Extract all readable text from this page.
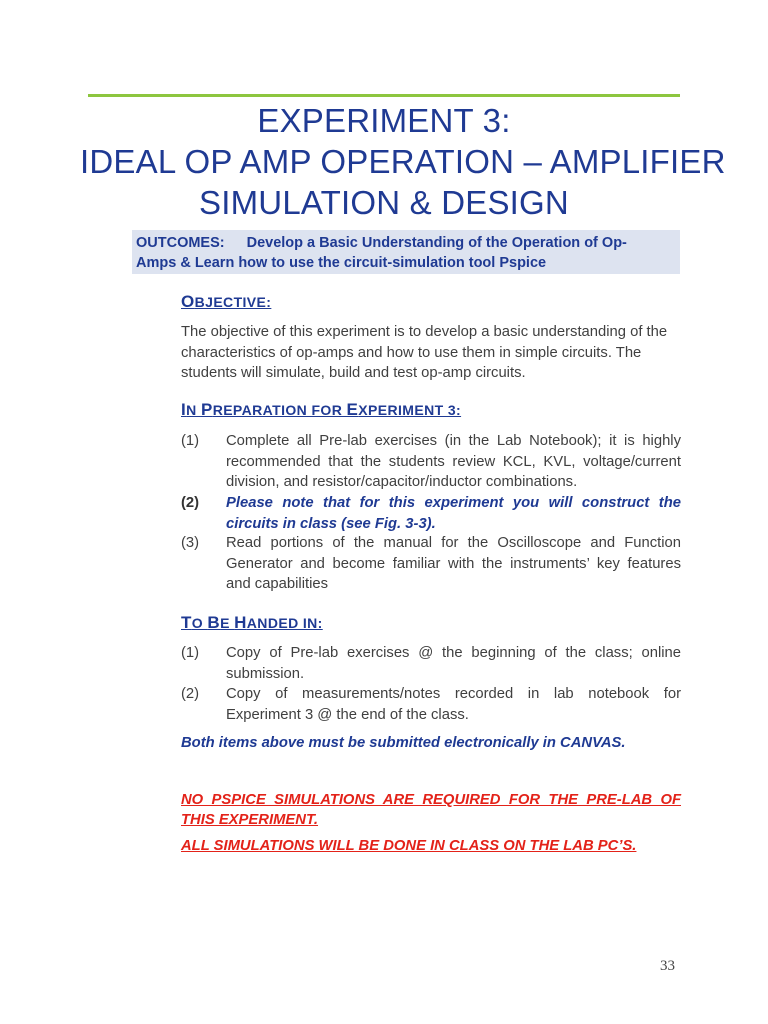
EXPERIMENT 3:
IDEAL OP AMP OPERATION – AMPLIFIER
SIMULATION & DESIGN
OUTCOMES: Develop a Basic Understanding of the Operation of Op-
Amps & Learn how to use the circuit-simulation tool Pspice
OBJECTIVE:
The objective of this experiment is to develop a basic understanding of the characteristics of op-amps and how to use them in simple circuits. The students will simulate, build and test op-amp circuits.
IN PREPARATION FOR EXPERIMENT 3:
(1)	Complete all Pre-lab exercises (in the Lab Notebook); it is highly recommended that the students review KCL, KVL, voltage/current division, and resistor/capacitor/inductor combinations.
(2)	Please note that for this experiment you will construct the circuits in class (see Fig. 3-3).
(3)	Read portions of the manual for the Oscilloscope and Function Generator and become familiar with the instruments’ key features and capabilities
TO BE HANDED IN:
(1)	Copy of Pre-lab exercises @ the beginning of the class; online submission.
(2)	Copy of measurements/notes recorded in lab notebook for Experiment 3 @ the end of the class.
Both items above must be submitted electronically in CANVAS.
NO PSPICE SIMULATIONS ARE REQUIRED FOR THE PRE-LAB OF THIS EXPERIMENT.
ALL SIMULATIONS WILL BE DONE IN CLASS ON THE LAB PC’S.
33
